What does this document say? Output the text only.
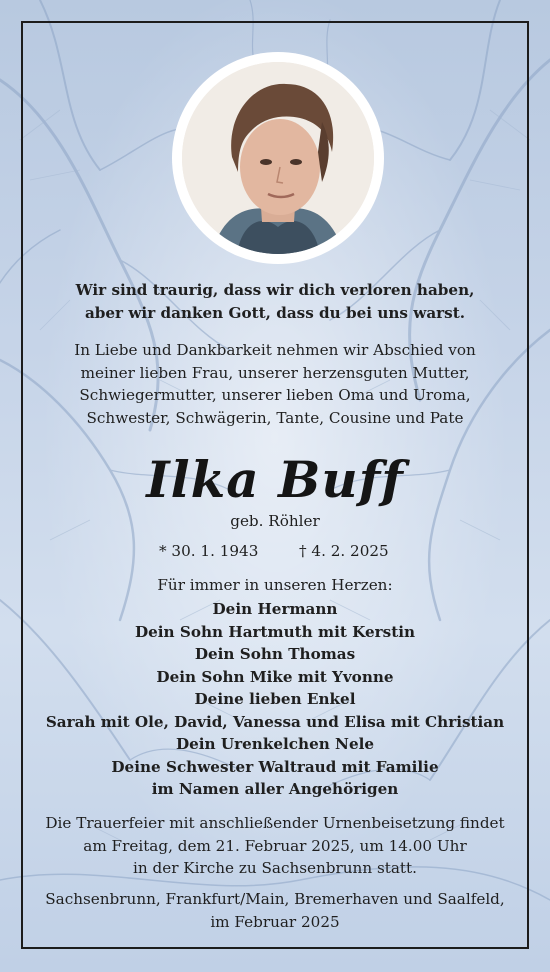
Wir sind traurig, dass wir dich verloren haben,
aber wir danken Gott, dass du bei uns warst.
In Liebe und Dankbarkeit nehmen wir Abschied von
meiner lieben Frau, unserer herzensguten Mutter,
Schwiegermutter, unserer lieben Oma und Uroma,
Schwester, Schwägerin, Tante, Cousine und Pate
Ilka Buff
geb. Röhler
* 30. 1. 1943	† 4. 2. 2025
Für immer in unseren Herzen:
Dein Hermann
Dein Sohn Hartmuth mit Kerstin
Dein Sohn Thomas
Dein Sohn Mike mit Yvonne
Deine lieben Enkel
Sarah mit Ole, David, Vanessa und Elisa mit Christian
Dein Urenkelchen Nele
Deine Schwester Waltraud mit Familie
im Namen aller Angehörigen
Die Trauerfeier mit anschließender Urnenbeisetzung findet
am Freitag, dem 21. Februar 2025, um 14.00 Uhr
in der Kirche zu Sachsenbrunn statt.
Sachsenbrunn, Frankfurt/Main, Bremerhaven und Saalfeld,
im Februar 2025
